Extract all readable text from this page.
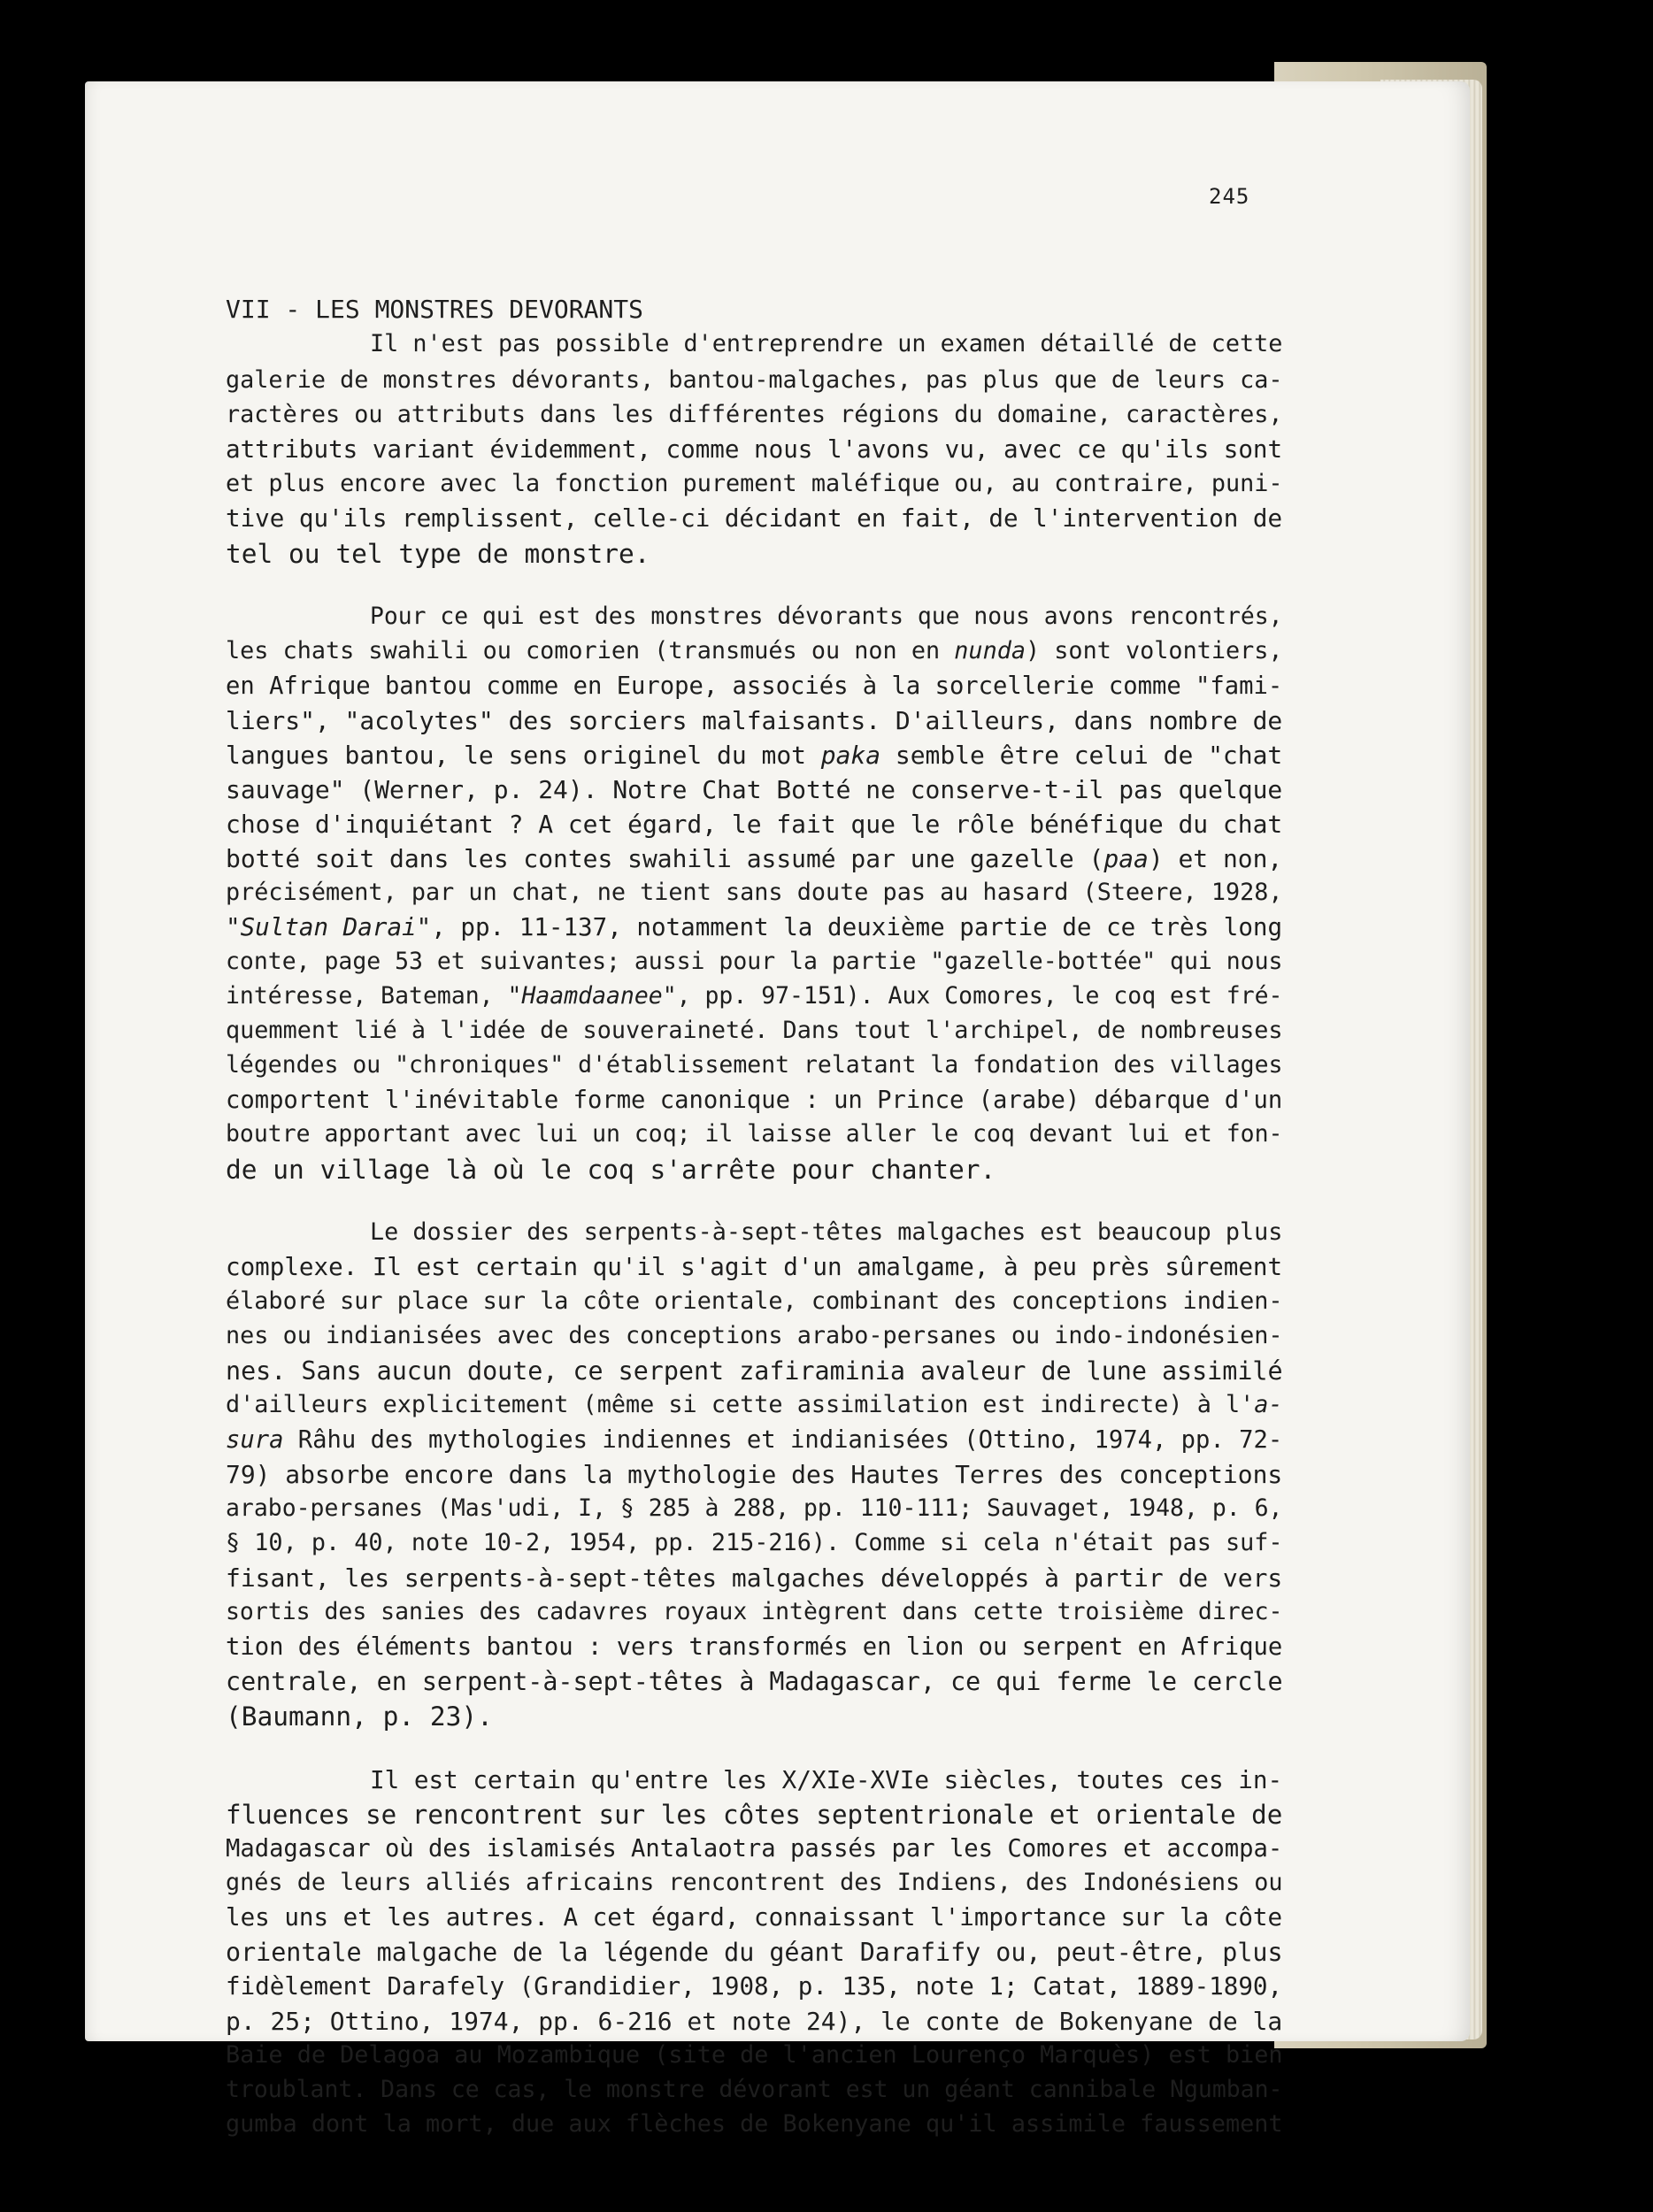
245
VII - LES MONSTRES DEVORANTS
Il n'est pas possible d'entreprendre un examen détaillé de cette
galerie de monstres dévorants, bantou-malgaches, pas plus que de leurs ca-
ractères ou attributs dans les différentes régions du domaine, caractères,
attributs variant évidemment, comme nous l'avons vu, avec ce qu'ils sont
et plus encore avec la fonction purement maléfique ou, au contraire, puni-
tive qu'ils remplissent, celle-ci décidant en fait, de l'intervention de
tel ou tel type de monstre.
Pour ce qui est des monstres dévorants que nous avons rencontrés,
les chats swahili ou comorien (transmués ou non en nunda) sont volontiers,
en Afrique bantou comme en Europe, associés à la sorcellerie comme "fami-
liers", "acolytes" des sorciers malfaisants. D'ailleurs, dans nombre de
langues bantou, le sens originel du mot paka semble être celui de "chat
sauvage" (Werner, p. 24). Notre Chat Botté ne conserve-t-il pas quelque
chose d'inquiétant ? A cet égard, le fait que le rôle bénéfique du chat
botté soit dans les contes swahili assumé par une gazelle (paa) et non,
précisément, par un chat, ne tient sans doute pas au hasard (Steere, 1928,
"Sultan Darai", pp. 11-137, notamment la deuxième partie de ce très long
conte, page 53 et suivantes; aussi pour la partie "gazelle-bottée" qui nous
intéresse, Bateman, "Haamdaanee", pp. 97-151). Aux Comores, le coq est fré-
quemment lié à l'idée de souveraineté. Dans tout l'archipel, de nombreuses
légendes ou "chroniques" d'établissement relatant la fondation des villages
comportent l'inévitable forme canonique : un Prince (arabe) débarque d'un
boutre apportant avec lui un coq; il laisse aller le coq devant lui et fon-
de un village là où le coq s'arrête pour chanter.
Le dossier des serpents-à-sept-têtes malgaches est beaucoup plus
complexe. Il est certain qu'il s'agit d'un amalgame, à peu près sûrement
élaboré sur place sur la côte orientale, combinant des conceptions indien-
nes ou indianisées avec des conceptions arabo-persanes ou indo-indonésien-
nes. Sans aucun doute, ce serpent zafiraminia avaleur de lune assimilé
d'ailleurs explicitement (même si cette assimilation est indirecte) à l'a-
sura Râhu des mythologies indiennes et indianisées (Ottino, 1974, pp. 72-
79) absorbe encore dans la mythologie des Hautes Terres des conceptions
arabo-persanes (Mas'udi, I, § 285 à 288, pp. 110-111; Sauvaget, 1948, p. 6,
§ 10, p. 40, note 10-2, 1954, pp. 215-216). Comme si cela n'était pas suf-
fisant, les serpents-à-sept-têtes malgaches développés à partir de vers
sortis des sanies des cadavres royaux intègrent dans cette troisième direc-
tion des éléments bantou : vers transformés en lion ou serpent en Afrique
centrale, en serpent-à-sept-têtes à Madagascar, ce qui ferme le cercle
(Baumann, p. 23).
Il est certain qu'entre les X/XIe-XVIe siècles, toutes ces in-
fluences se rencontrent sur les côtes septentrionale et orientale de
Madagascar où des islamisés Antalaotra passés par les Comores et accompa-
gnés de leurs alliés africains rencontrent des Indiens, des Indonésiens ou
les uns et les autres. A cet égard, connaissant l'importance sur la côte
orientale malgache de la légende du géant Darafify ou, peut-être, plus
fidèlement Darafely (Grandidier, 1908, p. 135, note 1; Catat, 1889-1890,
p. 25; Ottino, 1974, pp. 6-216 et note 24), le conte de Bokenyane de la
Baie de Delagoa au Mozambique (site de l'ancien Lourenço Marquès) est bien
troublant. Dans ce cas, le monstre dévorant est un géant cannibale Ngumban-
gumba dont la mort, due aux flèches de Bokenyane qu'il assimile faussement
